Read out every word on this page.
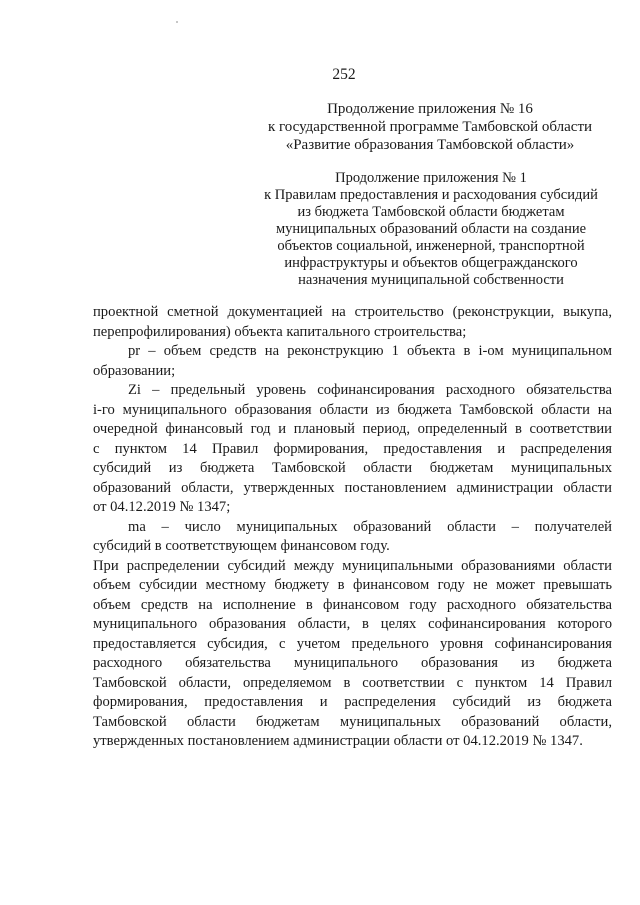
252
Продолжение приложения № 16
к государственной программе Тамбовской области
«Развитие образования Тамбовской области»
Продолжение приложения № 1
к Правилам предоставления и расходования субсидий
из бюджета Тамбовской области бюджетам
муниципальных образований области на создание
объектов социальной, инженерной, транспортной
инфраструктуры и объектов общегражданского
назначения муниципальной собственности
проектной сметной документацией на строительство (реконструкции, выкупа,
перепрофилирования) объекта капитального строительства;
pr – объем средств на реконструкцию 1 объекта в i-ом муниципальном
образовании;
Zi – предельный уровень софинансирования расходного обязательства
i-го муниципального образования области из бюджета Тамбовской области на
очередной финансовый год и плановый период, определенный в соответствии
с пунктом 14 Правил формирования, предоставления и распределения
субсидий из бюджета Тамбовской области бюджетам муниципальных
образований области, утвержденных постановлением администрации области
от 04.12.2019 № 1347;
ma – число муниципальных образований области – получателей
субсидий в соответствующем финансовом году.
При распределении субсидий между муниципальными образованиями области
объем субсидии местному бюджету в финансовом году не может превышать
объем средств на исполнение в финансовом году расходного обязательства
муниципального образования области, в целях софинансирования которого
предоставляется субсидия, с учетом предельного уровня софинансирования
расходного обязательства муниципального образования из бюджета
Тамбовской области, определяемом в соответствии с пунктом 14 Правил
формирования, предоставления и распределения субсидий из бюджета
Тамбовской области бюджетам муниципальных образований области,
утвержденных постановлением администрации области от 04.12.2019 № 1347.
